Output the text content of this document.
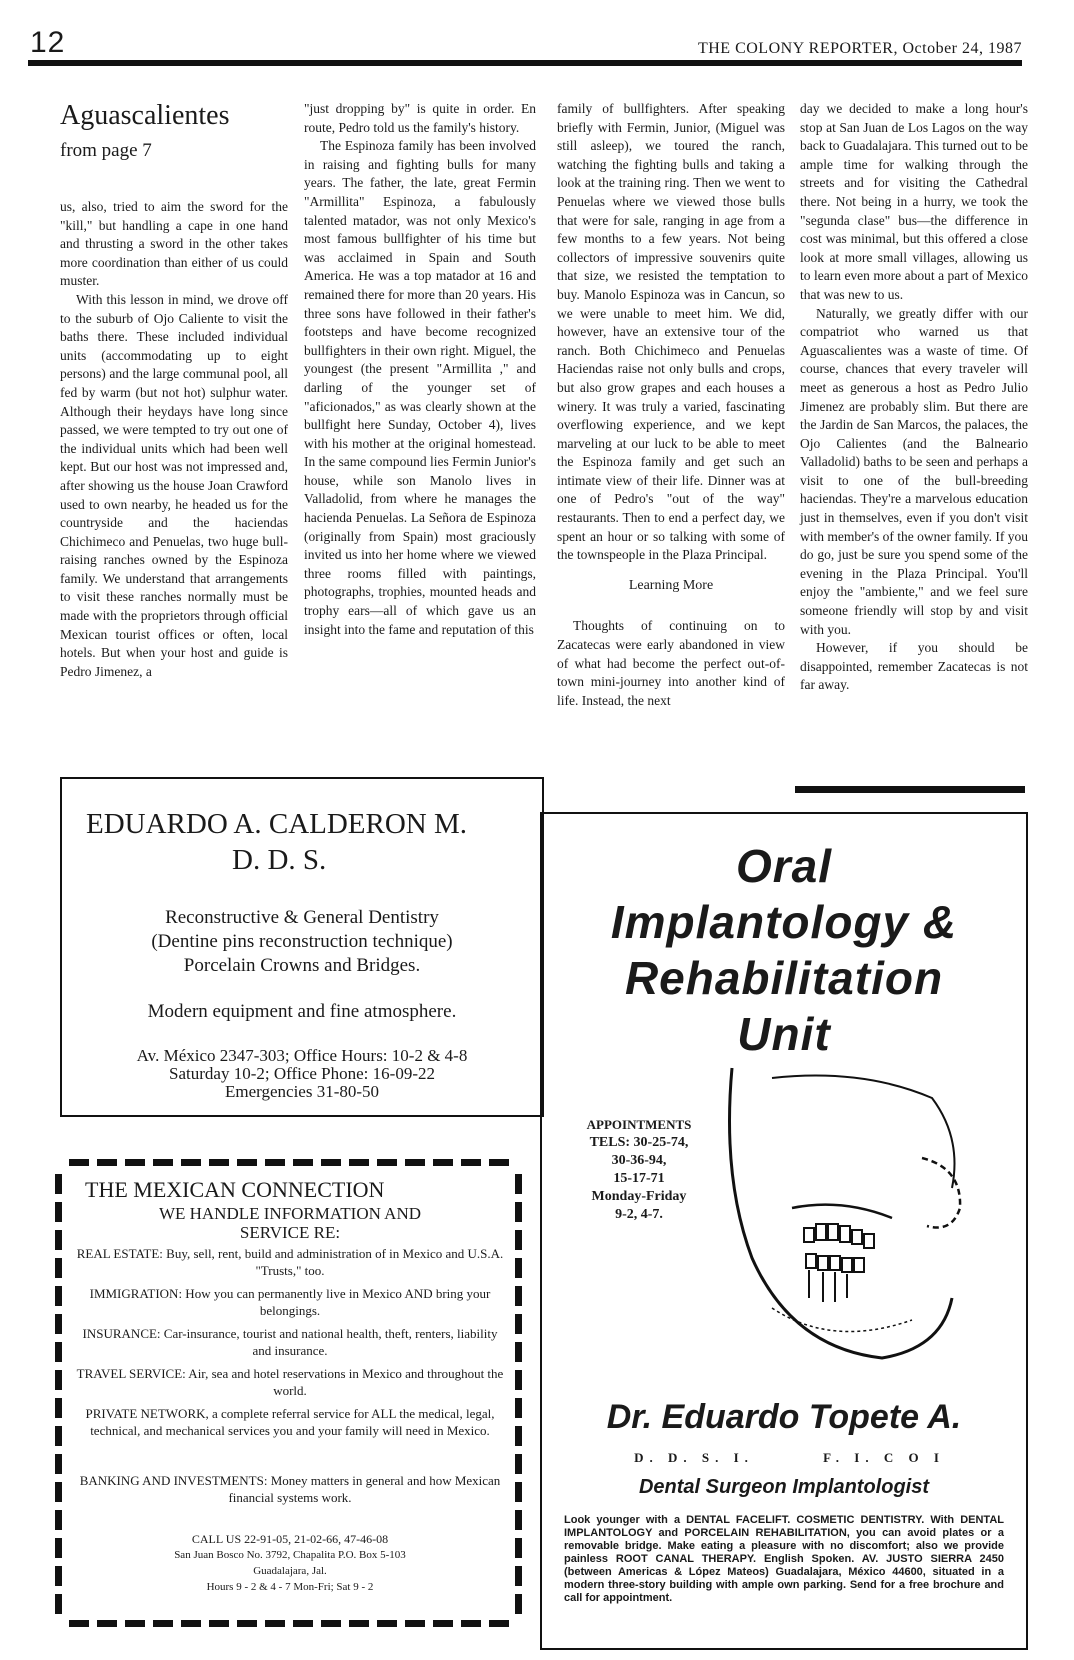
12	THE COLONY REPORTER, October 24, 1987
Aguascalientes
from page 7

us, also, tried to aim the sword for the "kill," but handling a cape in one hand and thrusting a sword in the other takes more coordination than either of us could muster.

With this lesson in mind, we drove off to the suburb of Ojo Caliente to visit the baths there. These included individual units (accommodating up to eight persons) and the large communal pool, all fed by warm (but not hot) sulphur water. Although their heydays have long since passed, we were tempted to try out one of the individual units which had been well kept. But our host was not impressed and, after showing us the house Joan Crawford used to own nearby, he headed us for the countryside and the haciendas Chichimeco and Penuelas, two huge bull-raising ranches owned by the Espinoza family. We understand that arrangements to visit these ranches normally must be made with the proprietors through official Mexican tourist offices or often, local hotels. But when your host and guide is Pedro Jimenez, a

"just dropping by" is quite in order. En route, Pedro told us the family's history.

The Espinoza family has been involved in raising and fighting bulls for many years. The father, the late, great Fermin "Armillita" Espinoza, a fabulously talented matador, was not only Mexico's most famous bullfighter of his time but was acclaimed in Spain and South America. He was a top matador at 16 and remained there for more than 20 years. His three sons have followed in their father's footsteps and have become recognized bullfighters in their own right. Miguel, the youngest (the present "Armillita ," and darling of the younger set of "aficionados," as was clearly shown at the bullfight here Sunday, October 4), lives with his mother at the original homestead. In the same compound lies Fermin Junior's house, while son Manolo lives in Valladolid, from where he manages the hacienda Penuelas. La Señora de Espinoza (originally from Spain) most graciously invited us into her home where we viewed three rooms filled with paintings, photographs, trophies, mounted heads and trophy ears—all of which gave us an insight into the fame and reputation of this

family of bullfighters. After speaking briefly with Fermin, Junior, (Miguel was still asleep), we toured the ranch, watching the fighting bulls and taking a look at the training ring. Then we went to Penuelas where we viewed those bulls that were for sale, ranging in age from a few months to a few years. Not being collectors of impressive souvenirs quite that size, we resisted the temptation to buy. Manolo Espinoza was in Cancun, so we were unable to meet him. We did, however, have an extensive tour of the ranch. Both Chichimeco and Penuelas Haciendas raise not only bulls and crops, but also grow grapes and each houses a winery. It was truly a varied, fascinating overflowing experience, and we kept marveling at our luck to be able to meet the Espinoza family and get such an intimate view of their life. Dinner was at one of Pedro's "out of the way" restaurants. Then to end a perfect day, we spent an hour or so talking with some of the townspeople in the Plaza Principal.

Learning More

Thoughts of continuing on to Zacatecas were early abandoned in view of what had become the perfect out-of-town mini-journey into another kind of life. Instead, the next

day we decided to make a long hour's stop at San Juan de Los Lagos on the way back to Guadalajara. This turned out to be ample time for walking through the streets and for visiting the Cathedral there. Not being in a hurry, we took the "segunda clase" bus—the difference in cost was minimal, but this offered a close look at more small villages, allowing us to learn even more about a part of Mexico that was new to us.

Naturally, we greatly differ with our compatriot who warned us that Aguascalientes was a waste of time. Of course, chances that every traveler will meet as generous a host as Pedro Julio Jimenez are probably slim. But there are the Jardin de San Marcos, the palaces, the Ojo Calientes (and the Balneario Valladolid) baths to be seen and perhaps a visit to one of the bull-breeding haciendas. They're a marvelous education just in themselves, even if you don't visit with member's of the owner family. If you do go, just be sure you spend some of the evening in the Plaza Principal. You'll enjoy the "ambiente," and we feel sure someone friendly will stop by and visit with you.

However, if you should be disappointed, remember Zacatecas is not far away.

EDUARDO A. CALDERON M.
D. D. S.
Reconstructive & General Dentistry
(Dentine pins reconstruction technique)
Porcelain Crowns and Bridges.
Modern equipment and fine atmosphere.
Av. México 2347-303; Office Hours: 10-2 & 4-8
Saturday 10-2; Office Phone: 16-09-22
Emergencies 31-80-50
THE MEXICAN CONNECTION
WE HANDLE INFORMATION AND
SERVICE RE:
REAL ESTATE: Buy, sell, rent, build and administration of in Mexico and U.S.A. "Trusts," too.
IMMIGRATION: How you can permanently live in Mexico AND bring your belongings.
INSURANCE: Car-insurance, tourist and national health, theft, renters, liability and insurance.
TRAVEL SERVICE: Air, sea and hotel reservations in Mexico and throughout the world.
PRIVATE NETWORK, a complete referral service for ALL the medical, legal, technical, and mechanical services you and your family will need in Mexico.
BANKING AND INVESTMENTS: Money matters in general and how Mexican financial systems work.
CALL US 22-91-05, 21-02-66, 47-46-08
San Juan Bosco No. 3792, Chapalita P.O. Box 5-103
Guadalajara, Jal.
Hours 9 - 2 & 4 - 7 Mon-Fri; Sat 9 - 2
Oral
Implantology &
Rehabilitation
Unit
APPOINTMENTS
TELS: 30-25-74,
30-36-94,
15-17-71
Monday-Friday
9-2, 4-7.
Dr. Eduardo Topete A.
D. D. S. I.	F. I. C O I
Dental Surgeon Implantologist
Look younger with a DENTAL FACELIFT. COSMETIC DENTISTRY. With DENTAL IMPLANTOLOGY and PORCELAIN REHABILITATION, you can avoid plates or a removable bridge. Make eating a pleasure with no discomfort; also we provide painless ROOT CANAL THERAPY. English Spoken. AV. JUSTO SIERRA 2450 (between Americas & López Mateos) Guadalajara, México 44600, situated in a modern three-story building with ample own parking. Send for a free brochure and call for appointment.
